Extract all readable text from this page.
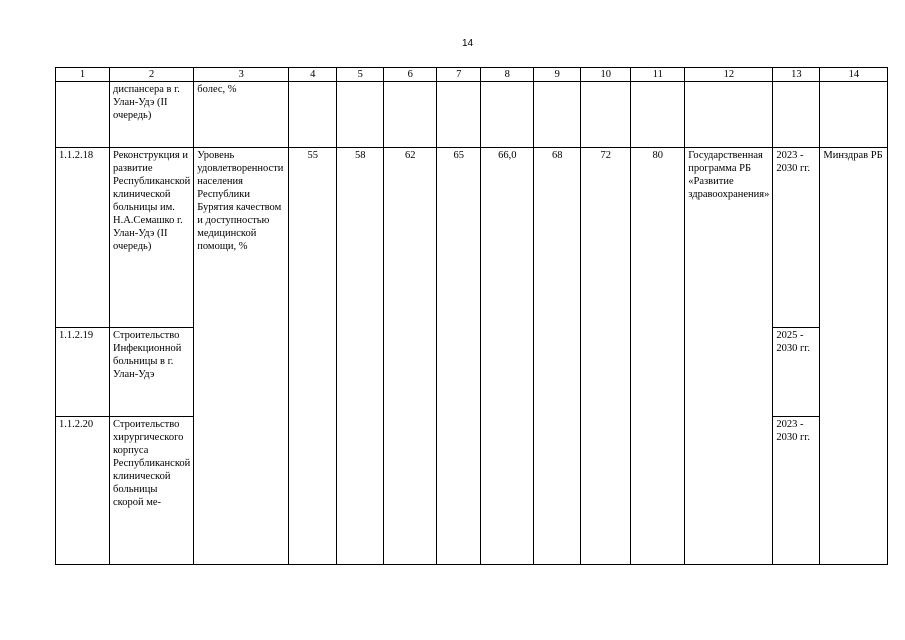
14
1	2	3	4	5	6	7	8	9	10	11	12	13	14
	диспансера в г. Улан-Удэ (II очередь)	болес, %											
1.1.2.18	Реконструкция и развитие Республиканской клинической больницы им. Н.А.Семашко г. Улан-Удэ (II очередь)	Уровень удовлетворенности населения Республики Бурятия качеством и доступностью медицинской помощи, %	55	58	62	65	66,0	68	72	80	Государственная программа РБ «Развитие здравоохранения»	2023 - 2030 гг.	Минздрав РБ
1.1.2.19	Строительство Инфекционной больницы в г. Улан-Удэ											2025 - 2030 гг.	
1.1.2.20	Строительство хирургического корпуса Республиканской клинической больницы скорой ме-											2023 - 2030 гг.	
